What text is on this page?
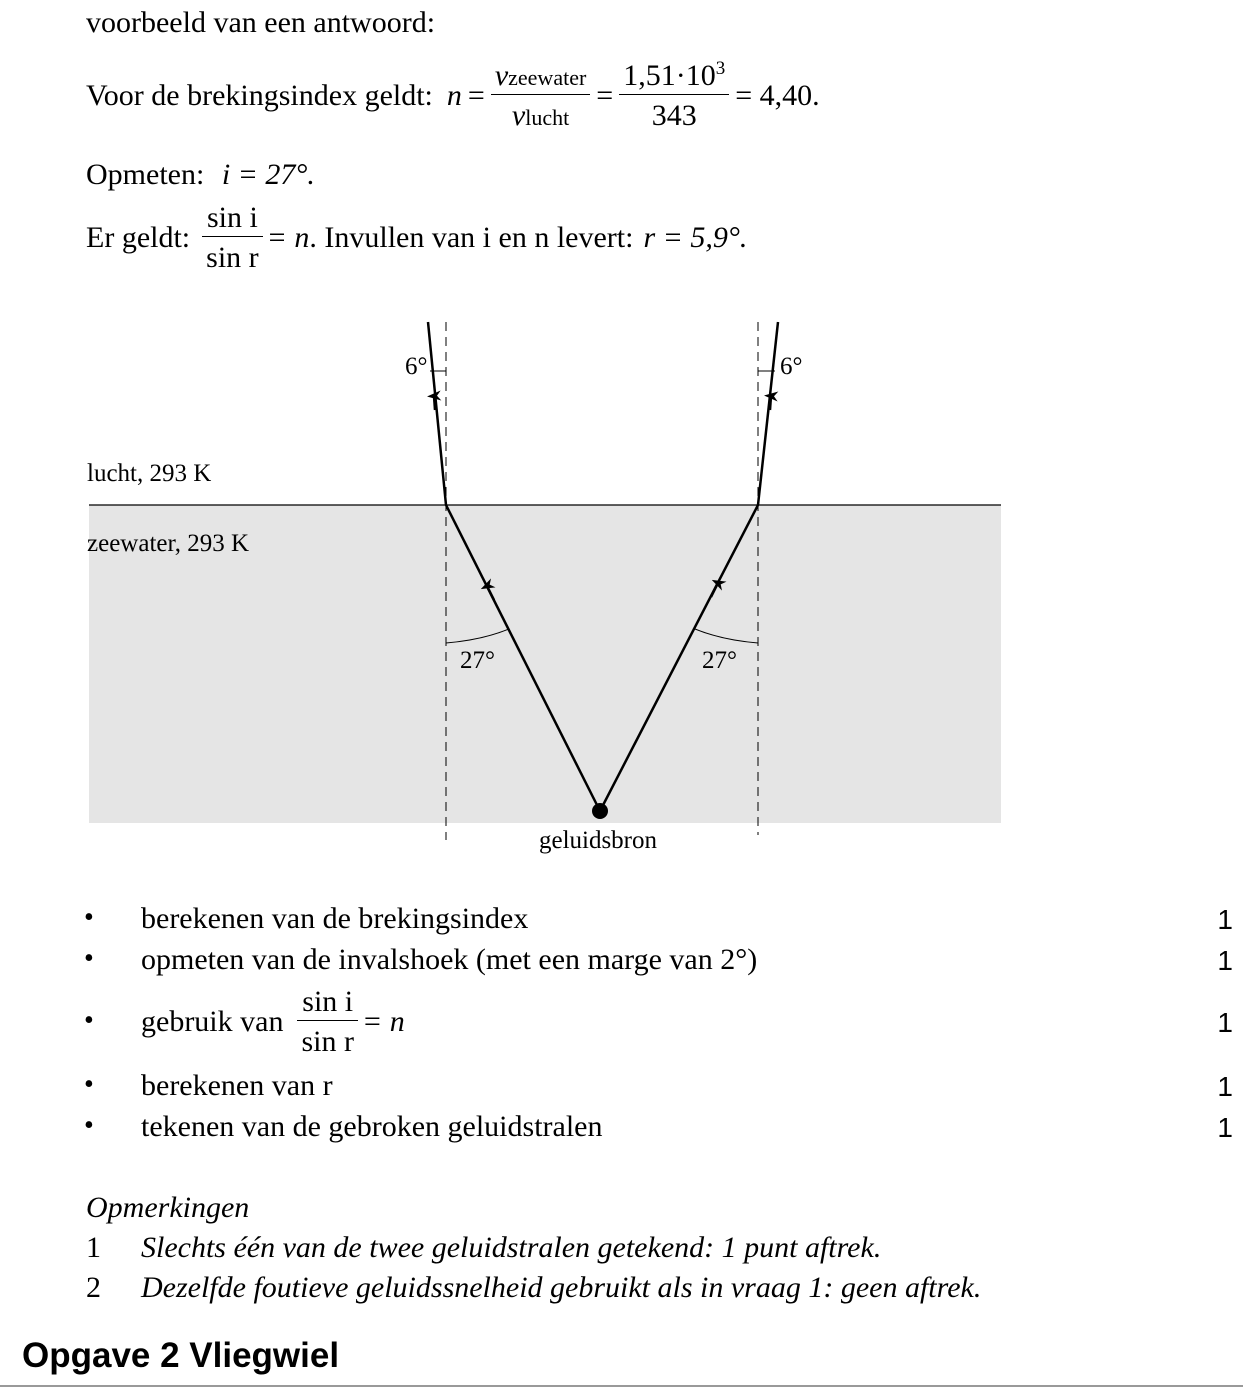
voorbeeld van een antwoord:
Voor de brekingsindex geldt: $n = \frac{\text{vzeewater}}{\text{vlucht}} = \frac{1,51\cdot 10^3}{343} = 4,40$.
Opmeten: i = 27°.
Er geldt: $\frac{\text{sin i}}{\text{sin r}} = n$ . Invullen van i en n levert: r = 5,9°.
lucht, 293 K
zeewater, 293 K
geluidsbron
27°	27°
6°	6°
• berekenen van de brekingsindex	1
• opmeten van de invalshoek (met een marge van 2°)	1
• gebruik van $\frac{\text{sin i}}{\text{sin r}} = n$	1
• berekenen van r	1
• tekenen van de gebroken geluidstralen	1
Opmerkingen
1 Slechts één van de twee geluidstralen getekend: 1 punt aftrek.
2 Dezelfde foutieve geluidssnelheid gebruikt als in vraag 1: geen aftrek.
Opgave 2 Vliegwiel
